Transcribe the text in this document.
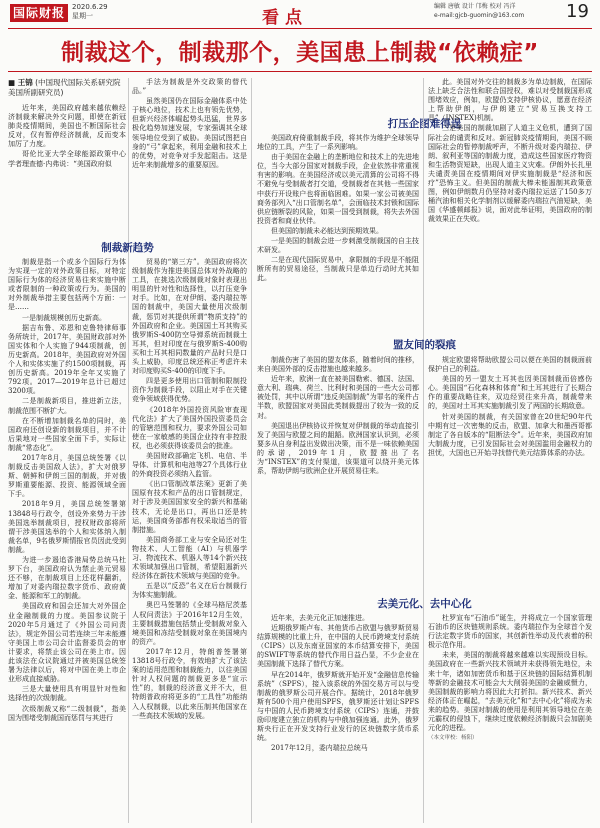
国际财报	2020.6.29
星期一	看点
编辑 唐敏 设计 邝梅 校对 冯洋
e-mail:gjcb-guomin@163.com 19
制裁这个，制裁那个，美国患上制裁“依赖症”
■ 王锦 (中国现代国际关系研究院美国所副研究员)

近年来，美国政府越来越依赖经济制裁来解决外交问题，即使在新冠肺炎疫情期间，美国也不断国际社会反对，仅有暂停经济制裁，反而变本加厉了力度。

哥伦比亚大学全球能源政策中心学者理查德·内弗说：“美国政府似

手法为制裁是外交政策的替代品。”

虽然美国仍在国际金融体系中处于核心地位，技术上也有领先优势，但新兴经济体崛起势头迅猛，世界多极化趋势加速发展，专家强调其全球领导地位受到了威胁。美国试图把自身的“弓”拿起来，利用金融和技术上的优势，对竞争对手发起阻击。这是近年来制裁增多的重要原因。

制裁新趋势

制裁是指一个或多个国际行为体为实现一定的对外政策目标，对特定国际行为体的经济贸易往来实施中断或者限制的一种政策或行为。美国的对外制裁举措主要包括两个方面：一是……

一是制裁规模创历史新高。

据吉布鲁、邓恩和克鲁特律师事务所统计，2017年，美国财政部对外国实体和个人实施了944项制裁，创历史新高。2018年，美国政府对外国个人和实体实施了约1500项制裁，再创历史新高。2019年全年又实施了792项。2017—2019年总计已超过3200项。

二是制裁新项目，推进新立法，制裁范围不断扩大。

在不断增加制裁名单的同时，美国政府还创设新的制裁项目，并不计后果地对一些国家全面下手，实际让制裁“常态化”。

2017年8月，美国总统签署《以制裁反击美国敌人法》，扩大对俄罗斯、朝鲜和伊朗三国的制裁，并对俄罗斯重要能源、投资、能源领域全面下手。

2018年9月，美国总统签署第13848号行政令，创设外来势力干涉美国选举制裁项目，授权财政部将所谓干涉美国选举的个人和实体纳入制裁名单，9名俄罗斯情报官员因此受到制裁。

为进一步遏追香港局势总统马杜罗下台，美国政府认为禁止美元贸易还不够，在制裁项目上还花样翻新，增加了对委内瑞拉数字货币、政府黄金、能源和军工的制裁。

美国政府和国会还加大对外国企业金融制裁的力度。美国参议院于2020年5月通过了《外国公司问责法》，规定外国公司若连续三年未能遵守美国上市公司会计监督委员会的审计要求，将禁止该公司在美上市。因此该法在众议院通过并被美国总统签署为法律以后，将对中国在美上市企业形成直接威胁。

三是大量使用具有明显针对性和选择性的次级制裁。

次级制裁又称“二级制裁”，指美国为围堵受制裁国而惩罚与其进行

贸易的“第三方”。美国政府将次级制裁作为推进美国总体对外战略的工具，在挑选次级制裁对象时表现出明显的针对性和选择性，以打压竞争对手。比如，在对伊朗、委内瑞拉等国的制裁中，美国大量使用次级制裁，惩罚对其提供所谓“物质支持”的外国政府和企业。美国国土耳其购买俄罗斯S-400防空导弹系统而制裁土耳其，但对印度在与俄罗斯S-400购买和土耳其相同数量的产品时只是口头上威胁，印度总统还称正考虑许未对印度购买S-400的印度下手。

四是更多使用出口管制和限制投资作为制裁手段，以阻止对手在关键竞争领域获得优势。

《2018年外国投资风险审查现代化法》扩大了美国外国投资委员会的管辖范围和权力，要求外国公司如使在一家敏感的美国企业持有非控股权，也必须获得该委员会的批准。

美国财政部确定飞机、电信、半导体、计算机和电池等27个具体行业的外商投资必须纳入监管。

《出口管制改革法案》更新了美国原有技术和产品的出口管制规定，对于涉及美国国家安全的新兴和基础技术，无论是出口，再出口还是转运，美国商务部都有权采取适当的管制措施。

美国商务部工业与安全局还对生物技术、人工智能（AI）与机器学习、物流技术、机器人等14个新兴技术领域加强出口管制，希望阻遏新兴经济体在新技术领域与美国的竞争。

五是以“反恐”名义在后台制裁行为体实施制裁。

奥巴马签署的《全球马格尼茨基人权问责法》于2016年12月生效，主要制裁措施包括禁止受制裁对象入境美国和冻结受制裁对象在美国境内的资产。

2017年12月，特朗普签署第13818号行政令，有效地扩大了该法案的适用范围和制裁能力，以往美国针对人权问题的制裁更多是“宣示性”的，制裁的经济意义并不大，但特朗普政府将更多的“工具性”功能纳入人权制裁，以此来压制其他国家在一些高技术领域的发展。

打压企图难得逞

美国政府倚重制裁手段，将其作为维护全球领导地位的工具，产生了一系列影响。

由于美国在金融上的垄断地位和技术上的先进地位，当今大部分国家对制裁手段，企业依然非常重视有害的影响。在美国经济或以美元清算的公司将不得不避免与受制裁者打交道，受制裁者在其他一些国家中获行开设账户也将面临困难。如果一家公司被美国商务部列入“出口管制名单”，会面临技术封锁和国际供应链断裂的风险，如果一国受到制裁，将失去外国投资者和商业伙伴。

但美国的制裁未必能达到预期效果。

一是美国的制裁会进一步刺激受制裁国的自主技术研发。

二是在现代国际贸易中，拿限制的手段是不能阻断所有的贸易途径，当制裁只是单边行动时尤其如此。

此。美国对外交往的制裁多为单边制裁，在国际法上缺乏合法性和联合国授权，难以对受制裁国形成围堵效应，例如，欧盟仍支持伊核协议，愿意在经济上帮助伊朗，与伊朗建立“贸易互换支持工具”（INSTEX)机制。

三是美国的制裁加剧了人道主义危机，遭到了国际社会的谴责和反对。新冠肺炎疫情期间，美国不顾国际社会的暂停制裁呼声，不断升级对委内瑞拉、伊朗、叙利亚等国的制裁力度，造成这些国家医疗物资和生活物资短缺，出现人道主义灾难。伊朗外长扎里夫谴责美国在疫情期间对伊实施制裁是“经济和医疗”恐怖主义。但美国的制裁大棒未能遏制其政策意图，例如伊朗数月仍坚持对委内瑞拉运送了150多万桶汽油和相关化学制剂以缓解委内瑞拉汽油短缺，美国《华盛顿邮报》说，面对此举证明，美国政府的制裁效果正在失败。

盟友间的裂痕

制裁伤害了美国的盟友体系，随着时间的推移，来自美国外部的反击措施也越来越多。

近年来，欧洲一直在被美国勒索、德国、法国、意大利、瑞典、荷兰、比利时和美国的一些大公司都被处罚，其中以所谓“违反美国制裁”为罪名的案件占半数，欧盟国家对美国此类制裁提出了较为一致的反对。

美国退出伊核协议并恢复对伊制裁的举动直接引发了美国与欧盟之间的龃龉。欧洲国家认识到，必须要多从自身利益出发做出决策，而不是一味依赖美国的承诺，2019年1月，欧盟推出了名为“INSTEX”的支付渠道，该渠道可以绕开美元体系，帮助伊朗与欧洲企业开展贸易往来。

规定欧盟将帮助欧盟公司以便在美国的制裁面前保护自己的利益。

美国的另一盟友土耳其也因美国制裁而倍感伤心。美国国“石化森林和体育”和土耳其进行了长期合作的重要战略往来，双边经贸往来升高，制裁带来的，美国对土耳其实施制裁引发了两国的长期敌意。

针对美国的制裁，有关国家曾在20世纪90年代中期有过一次密集的反击，欧盟、加拿大和墨西哥都制定了各自版本的“阻断法令”。近年来，美国政府加大制裁力度，已引发国际社会对美国滥用金融权力的担忧，大国也已开始寻找替代美元结算体系的办法。

去美元化、去中心化

近年来，去美元化正加速推进。

近期俄罗斯卢布、其他货币占欧盟与俄罗斯贸易结算规模的比重上升，在中国的人民币跨境支付系统（CIPS）以及东南亚国家的本币结算安排下，美国的SWIFT等系统的替代作用日益凸显，不少企业在美国制裁下选择了替代方案。

早在2014年，俄罗斯就开始开发“金融信息传输系统”（SPFS），接入该系统的外国交易方可以与受制裁的俄罗斯公司开展合作。据统计，2018年俄罗斯有500个用户使用SPFS，俄罗斯还计划让SPFS与中国的人民币跨境支付系统（CIPS）连通，并鼓励印度建立独立的机构与中俄加强连通。此外，俄罗斯央行正在开发支持行业发行的区块链数字货币系统。

2017年12月，委内瑞拉总统马

杜罗宣布“石油币”诞生，并将成立一个国家管理石油币的区块链规则系统。委内瑞拉作为全球首个发行法定数字货币的国家，其创新性举动及代表着的积极示范作用。

未来，美国的制裁将越来越难以实现预设目标。美国政府在一些新兴技术领域并未获得领先地位，未来十年，诸如加密货币和基于区块链的国际结算机制等新的金融技术可能会大大削弱美国的金融威慑力，美国制裁的影响力将因此大打折扣。新兴技术、新兴经济体正在崛起，“去美元化”和“去中心化”将成为未来的趋势。美国对制裁的使用是利用其领导地位在美元霸权的侵蚀下，继续过度依赖经济制裁只会加剧美元化的进程。

（本文审校：杨阳）
